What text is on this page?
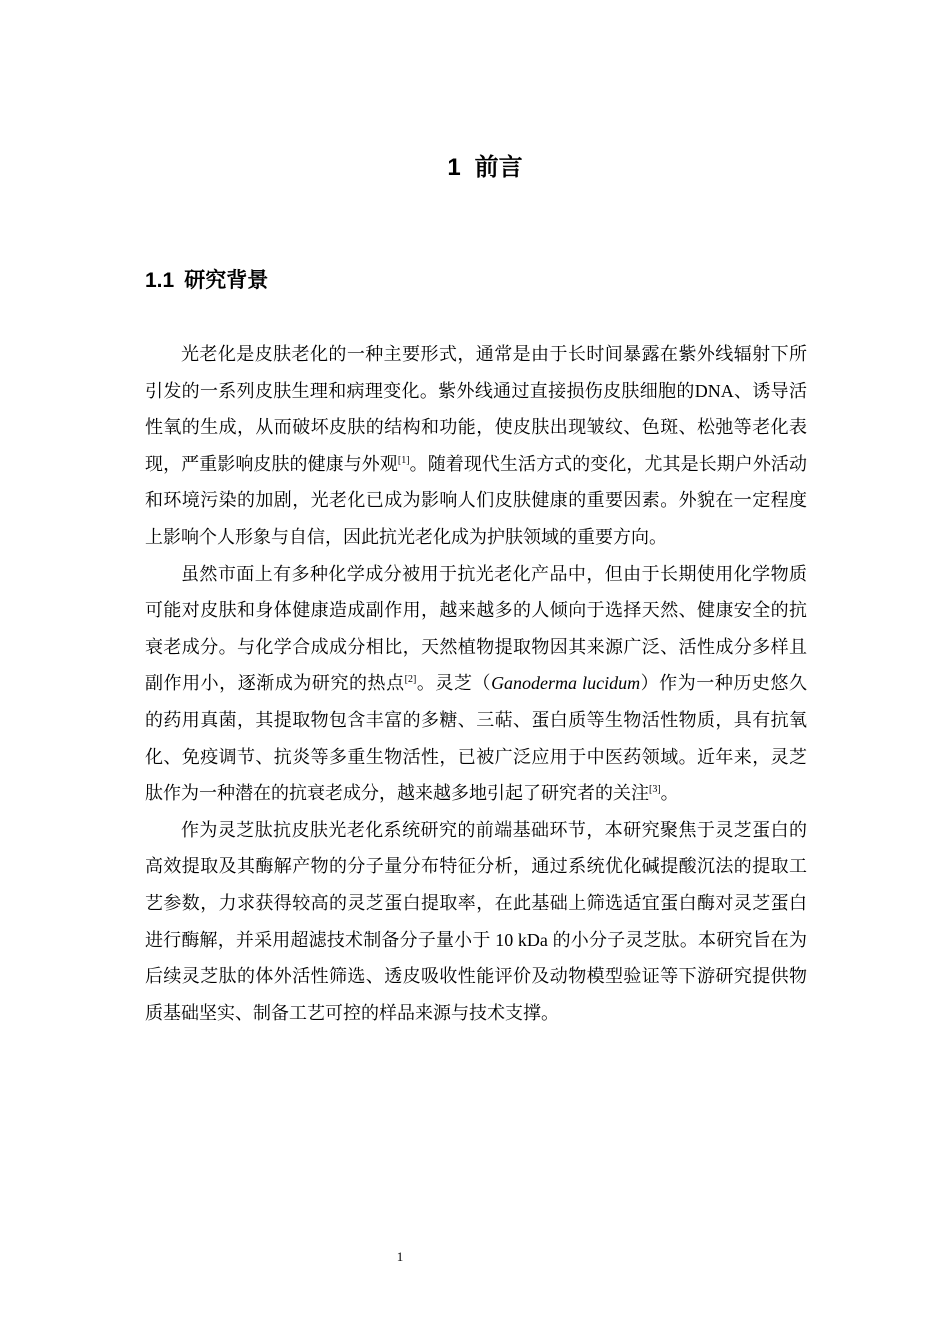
1 前言
1.1 研究背景

光老化是皮肤老化的一种主要形式，通常是由于长时间暴露在紫外线辐射下所引发的一系列皮肤生理和病理变化。紫外线通过直接损伤皮肤细胞的DNA、诱导活性氧的生成，从而破坏皮肤的结构和功能，使皮肤出现皱纹、色斑、松弛等老化表现，严重影响皮肤的健康与外观[1]。随着现代生活方式的变化，尤其是长期户外活动和环境污染的加剧，光老化已成为影响人们皮肤健康的重要因素。外貌在一定程度上影响个人形象与自信，因此抗光老化成为护肤领域的重要方向。

虽然市面上有多种化学成分被用于抗光老化产品中，但由于长期使用化学物质可能对皮肤和身体健康造成副作用，越来越多的人倾向于选择天然、健康安全的抗衰老成分。与化学合成成分相比，天然植物提取物因其来源广泛、活性成分多样且副作用小，逐渐成为研究的热点[2]。灵芝（Ganoderma lucidum）作为一种历史悠久的药用真菌，其提取物包含丰富的多糖、三萜、蛋白质等生物活性物质，具有抗氧化、免疫调节、抗炎等多重生物活性，已被广泛应用于中医药领域。近年来，灵芝肽作为一种潜在的抗衰老成分，越来越多地引起了研究者的关注[3]。

作为灵芝肽抗皮肤光老化系统研究的前端基础环节，本研究聚焦于灵芝蛋白的高效提取及其酶解产物的分子量分布特征分析，通过系统优化碱提酸沉法的提取工艺参数，力求获得较高的灵芝蛋白提取率，在此基础上筛选适宜蛋白酶对灵芝蛋白进行酶解，并采用超滤技术制备分子量小于 10 kDa 的小分子灵芝肽。本研究旨在为后续灵芝肽的体外活性筛选、透皮吸收性能评价及动物模型验证等下游研究提供物质基础坚实、制备工艺可控的样品来源与技术支撑。

1
